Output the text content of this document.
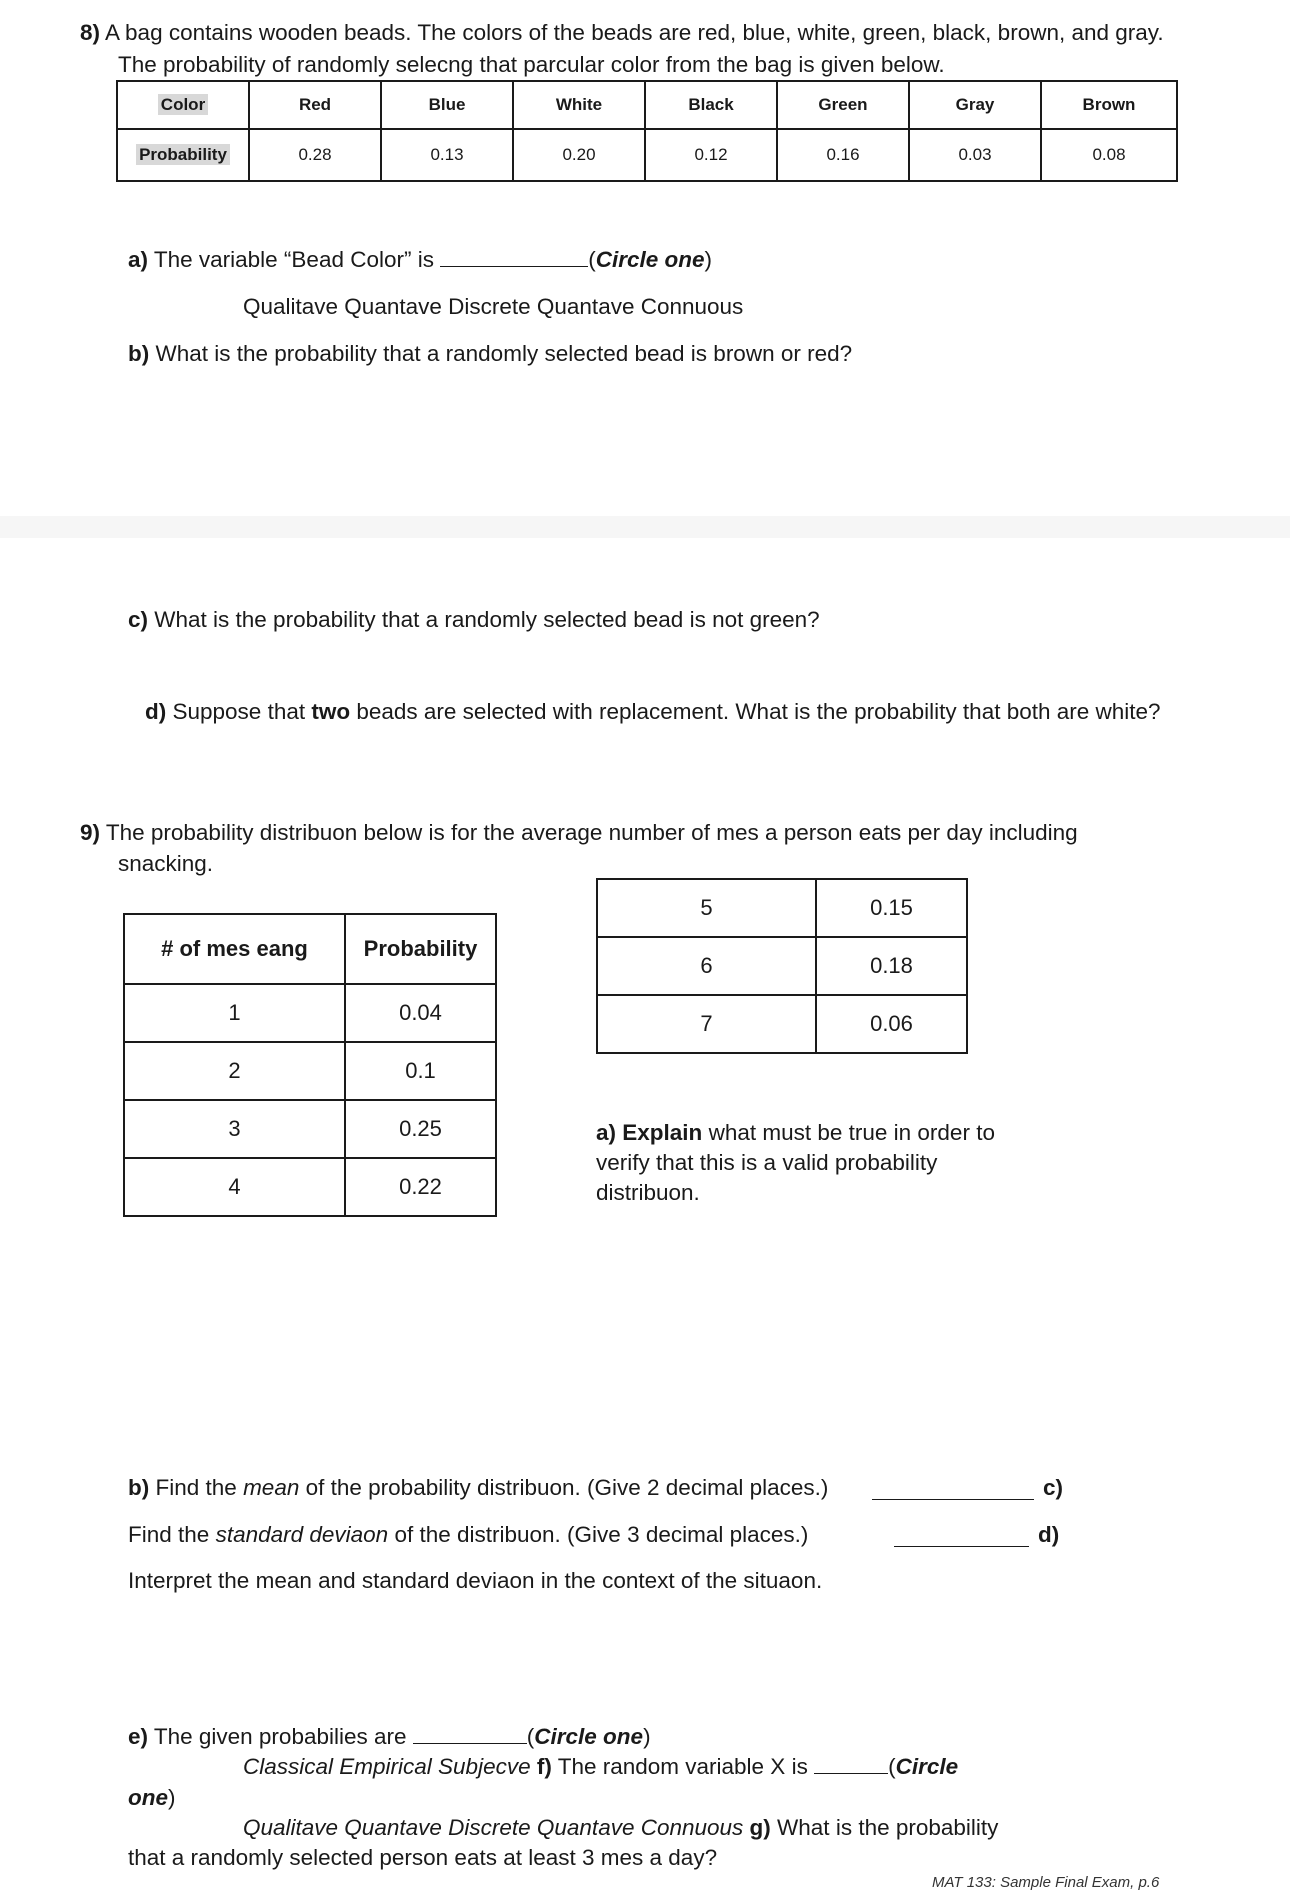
8) A bag contains wooden beads. The colors of the beads are red, blue, white, green, black, brown, and gray.
The probability of randomly selecng that parcular color from the bag is given below.
Color	Red	Blue	White	Black	Green	Gray	Brown
Probability	0.28	0.13	0.20	0.12	0.16	0.03	0.08
a) The variable “Bead Color” is	(Circle one)
Qualitave Quantave Discrete Quantave Connuous
b) What is the probability that a randomly selected bead is brown or red?
c) What is the probability that a randomly selected bead is not green?
d) Suppose that two beads are selected with replacement. What is the probability that both are white?
9) The probability distribuon below is for the average number of mes a person eats per day including
snacking.
# of mes eang	Probability
1	0.04
2	0.1
3	0.25
4	0.22
5	0.15
6	0.18
7	0.06
a) Explain what must be true in order to
verify that this is a valid probability
distribuon.
b) Find the mean of the probability distribuon. (Give 2 decimal places.)	c)
Find the standard deviaon of the distribuon. (Give 3 decimal places.)	d)
Interpret the mean and standard deviaon in the context of the situaon.
e) The given probabilies are	(Circle one)
Classical Empirical Subjecve f) The random variable X is	(Circle
one)
Qualitave Quantave Discrete Quantave Connuous g) What is the probability
that a randomly selected person eats at least 3 mes a day?
MAT 133: Sample Final Exam, p.6
